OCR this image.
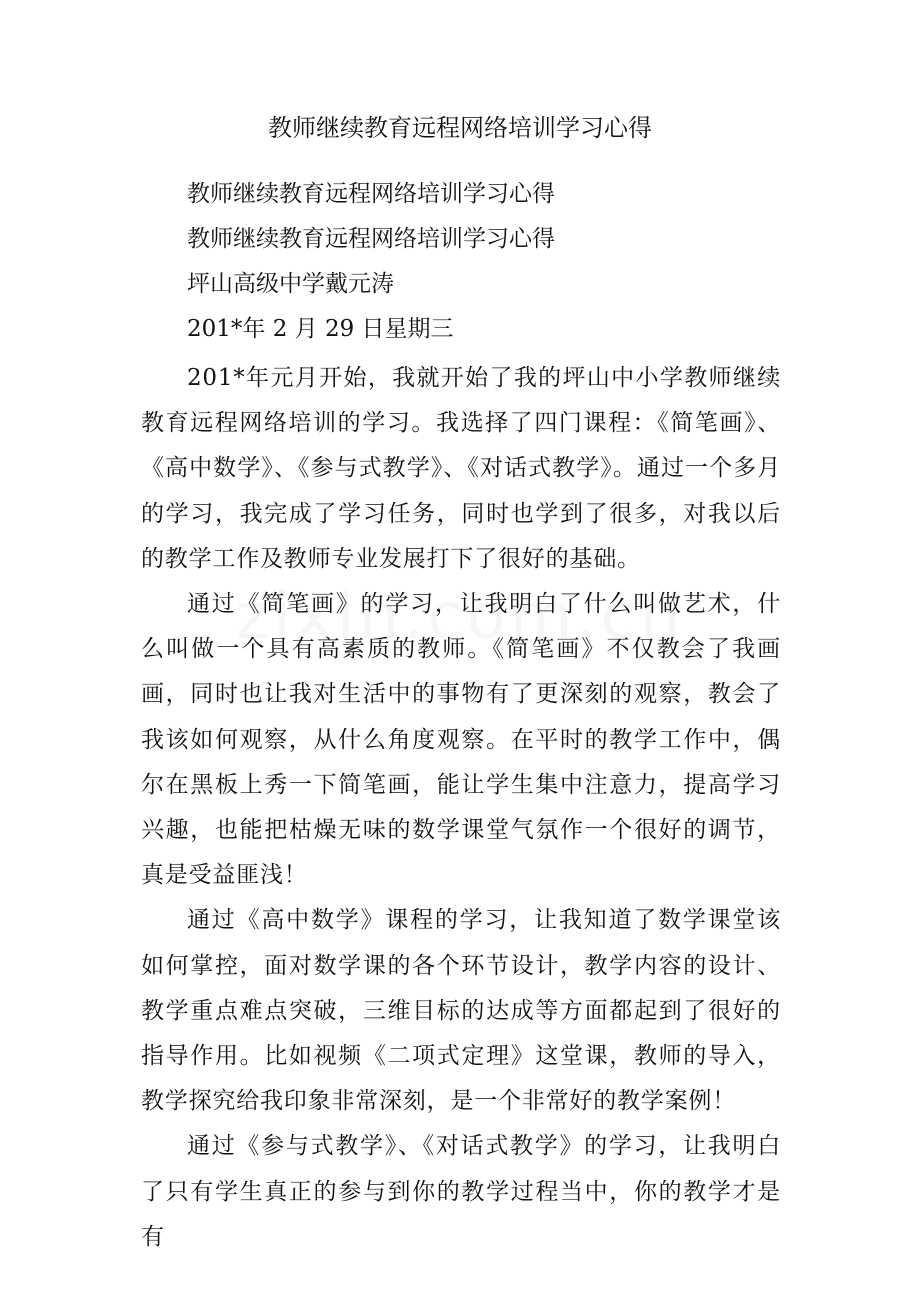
教师继续教育远程网络培训学习心得
教师继续教育远程网络培训学习心得
教师继续教育远程网络培训学习心得
坪山高级中学戴元涛
201*年 2 月 29 日星期三

201*年元月开始，我就开始了我的坪山中小学教师继续教育远程网络培训的学习。我选择了四门课程：《简笔画》、《高中数学》、《参与式教学》、《对话式教学》。通过一个多月的学习，我完成了学习任务，同时也学到了很多，对我以后的教学工作及教师专业发展打下了很好的基础。

通过《简笔画》的学习，让我明白了什么叫做艺术，什么叫做一个具有高素质的教师。《简笔画》不仅教会了我画画，同时也让我对生活中的事物有了更深刻的观察，教会了我该如何观察，从什么角度观察。在平时的教学工作中，偶尔在黑板上秀一下简笔画，能让学生集中注意力，提高学习兴趣，也能把枯燥无味的数学课堂气氛作一个很好的调节，真是受益匪浅！

通过《高中数学》课程的学习，让我知道了数学课堂该如何掌控，面对数学课的各个环节设计，教学内容的设计、教学重点难点突破，三维目标的达成等方面都起到了很好的指导作用。比如视频《二项式定理》这堂课，教师的导入，教学探究给我印象非常深刻，是一个非常好的教学案例！

通过《参与式教学》、《对话式教学》的学习，让我明白了只有学生真正的参与到你的教学过程当中，你的教学才是有
